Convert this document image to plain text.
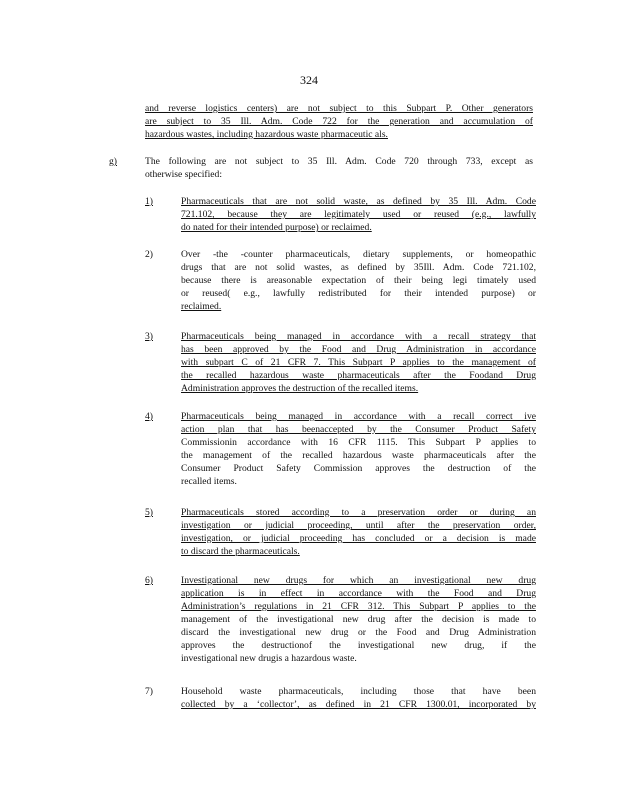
324
and reverse logistics centers) are not subject to this Subpart P. Other generators
are subject to 35 Ill. Adm. Code 722 for the generation and accumulation of
hazardous wastes, including hazardous waste pharmaceutic als.
g)	The following are not subject to 35 Ill. Adm. Code 720 through 733, except as
otherwise specified:
1)	Pharmaceuticals that are not solid waste, as defined by 35 Ill. Adm. Code
721.102, because they are legitimately used or reused (e.g., lawfully
do nated for their intended purpose) or reclaimed.
2)	Over -the -counter pharmaceuticals, dietary supplements, or homeopathic
drugs that are not solid wastes, as defined by 35Ill. Adm. Code 721.102,
because there is areasonable expectation of their being legi timately used
or reused( e.g., lawfully redistributed for their intended purpose) or
reclaimed.
3)	Pharmaceuticals being managed in accordance with a recall strategy that
has been approved by the Food and Drug Administration in accordance
with subpart C of 21 CFR 7. This Subpart P applies to the management of
the recalled hazardous waste pharmaceuticals after the Foodand Drug
Administration approves the destruction of the recalled items.
4)	Pharmaceuticals being managed in accordance with a recall correct ive
action plan that has beenaccepted by the Consumer Product Safety
Commissionin accordance with 16 CFR 1115. This Subpart P applies to
the management of the recalled hazardous waste pharmaceuticals after the
Consumer Product Safety Commission approves the destruction of the
recalled items.
5)	Pharmaceuticals stored according to a preservation order or during an
investigation or judicial proceeding, until after the preservation order,
investigation, or judicial proceeding has concluded or a decision is made
to discard the pharmaceuticals.
6)	Investigational new drugs for which an investigational new drug
application is in effect in accordance with the Food and Drug
Administration’s regulations in 21 CFR 312. This Subpart P applies to the
management of the investigational new drug after the decision is made to
discard the investigational new drug or the Food and Drug Administration
approves the destructionof the investigational new drug, if the
investigational new drugis a hazardous waste.
7)	Household waste pharmaceuticals, including those that have been
collected by a ‘collector’, as defined in 21 CFR 1300.01, incorporated by
